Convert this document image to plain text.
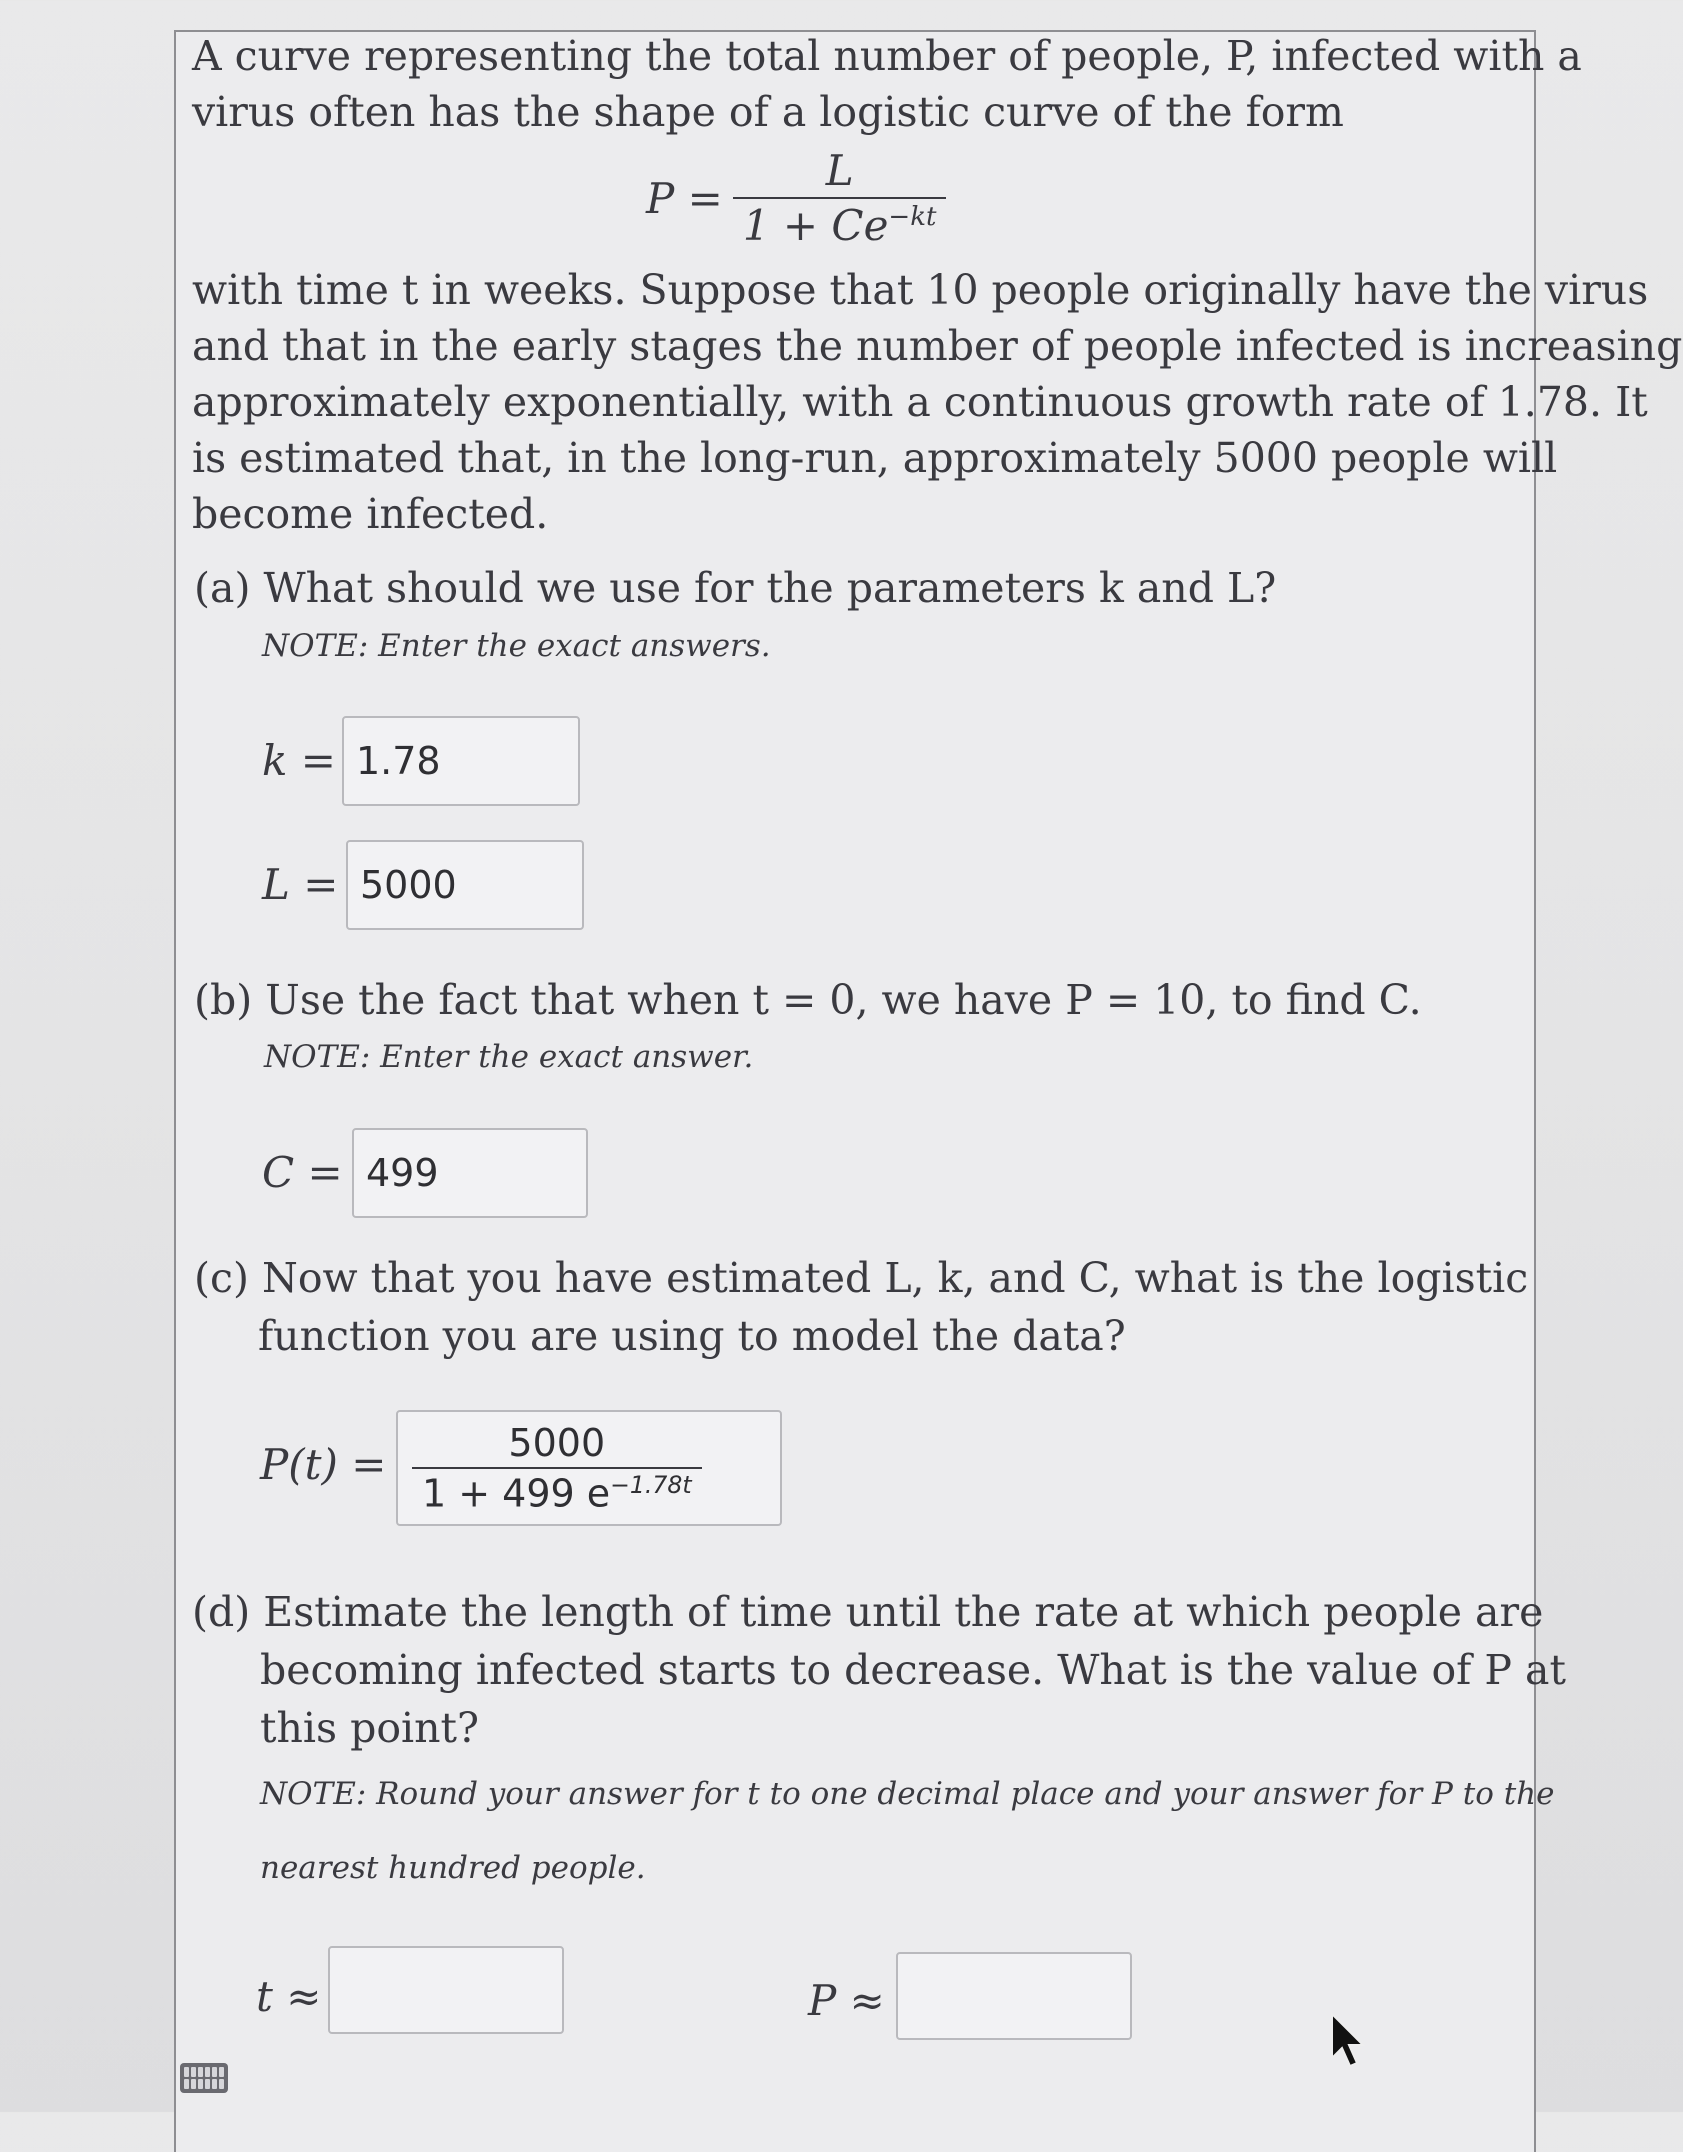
A curve representing the total number of people, P, infected with a
virus often has the shape of a logistic curve of the form
$P = \frac{L}{1 + Ce^{-kt}}$
with time t in weeks. Suppose that 10 people originally have the virus
and that in the early stages the number of people infected is increasing
approximately exponentially, with a continuous growth rate of 1.78. It
is estimated that, in the long-run, approximately 5000 people will
become infected.
(a) What should we use for the parameters k and L?
NOTE: Enter the exact answers.
k = 1.78
L = 5000
(b) Use the fact that when t = 0, we have P = 10, to find C.
NOTE: Enter the exact answer.
C = 499
(c) Now that you have estimated L, k, and C, what is the logistic
function you are using to model the data?
$P(t) = \frac{5000}{1 + 499 e^{-1.78t}}$
(d) Estimate the length of time until the rate at which people are
becoming infected starts to decrease. What is the value of P at
this point?
NOTE: Round your answer for t to one decimal place and your answer for P to the
nearest hundred people.
t ≈	P ≈
